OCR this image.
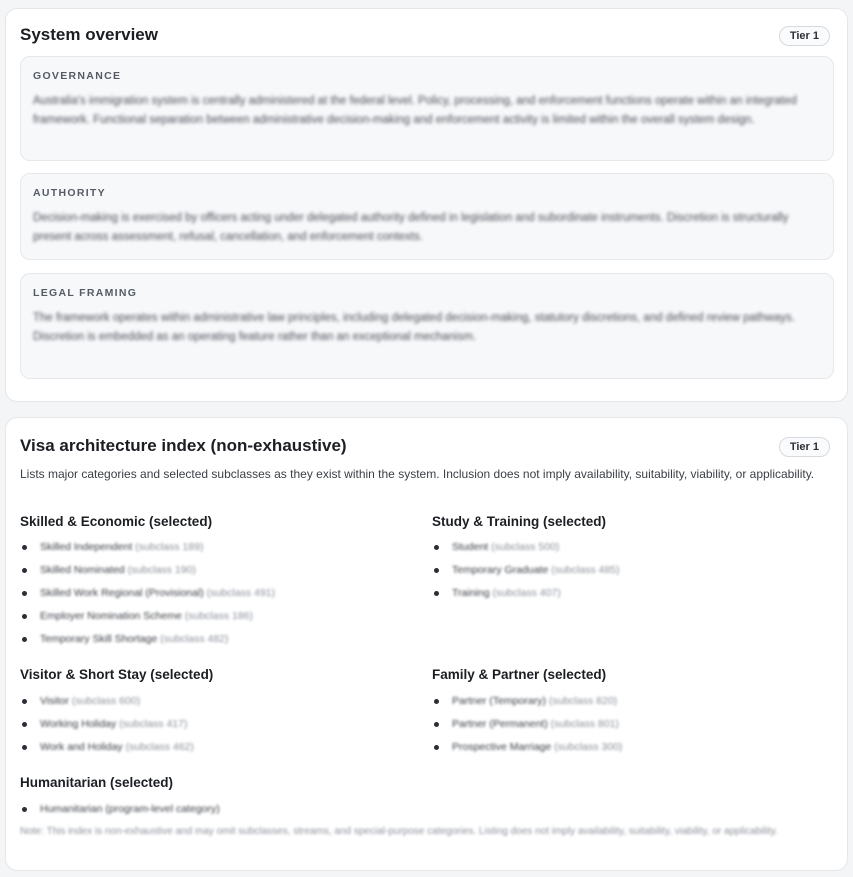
System overview	Tier 1
GOVERNANCE
Australia's immigration system is centrally administered at the federal level. Policy, processing, and enforcement functions operate within an integrated framework. Functional separation between administrative decision-making and enforcement activity is limited within the overall system design.
AUTHORITY
Decision-making is exercised by officers acting under delegated authority defined in legislation and subordinate instruments. Discretion is structurally present across assessment, refusal, cancellation, and enforcement contexts.
LEGAL FRAMING
The framework operates within administrative law principles, including delegated decision-making, statutory discretions, and defined review pathways. Discretion is embedded as an operating feature rather than an exceptional mechanism.
Visa architecture index (non-exhaustive)	Tier 1
Lists major categories and selected subclasses as they exist within the system. Inclusion does not imply availability, suitability, viability, or applicability.
Skilled & Economic (selected)
Skilled Independent (subclass 189)
Skilled Nominated (subclass 190)
Skilled Work Regional (Provisional) (subclass 491)
Employer Nomination Scheme (subclass 186)
Temporary Skill Shortage (subclass 482)
Study & Training (selected)
Student (subclass 500)
Temporary Graduate (subclass 485)
Training (subclass 407)
Visitor & Short Stay (selected)
Visitor (subclass 600)
Working Holiday (subclass 417)
Work and Holiday (subclass 462)
Family & Partner (selected)
Partner (Temporary) (subclass 820)
Partner (Permanent) (subclass 801)
Prospective Marriage (subclass 300)
Humanitarian (selected)
Humanitarian (program-level category)
Note: This index is non-exhaustive and may omit subclasses, streams, and special-purpose categories. Listing does not imply availability, suitability, viability, or applicability.
